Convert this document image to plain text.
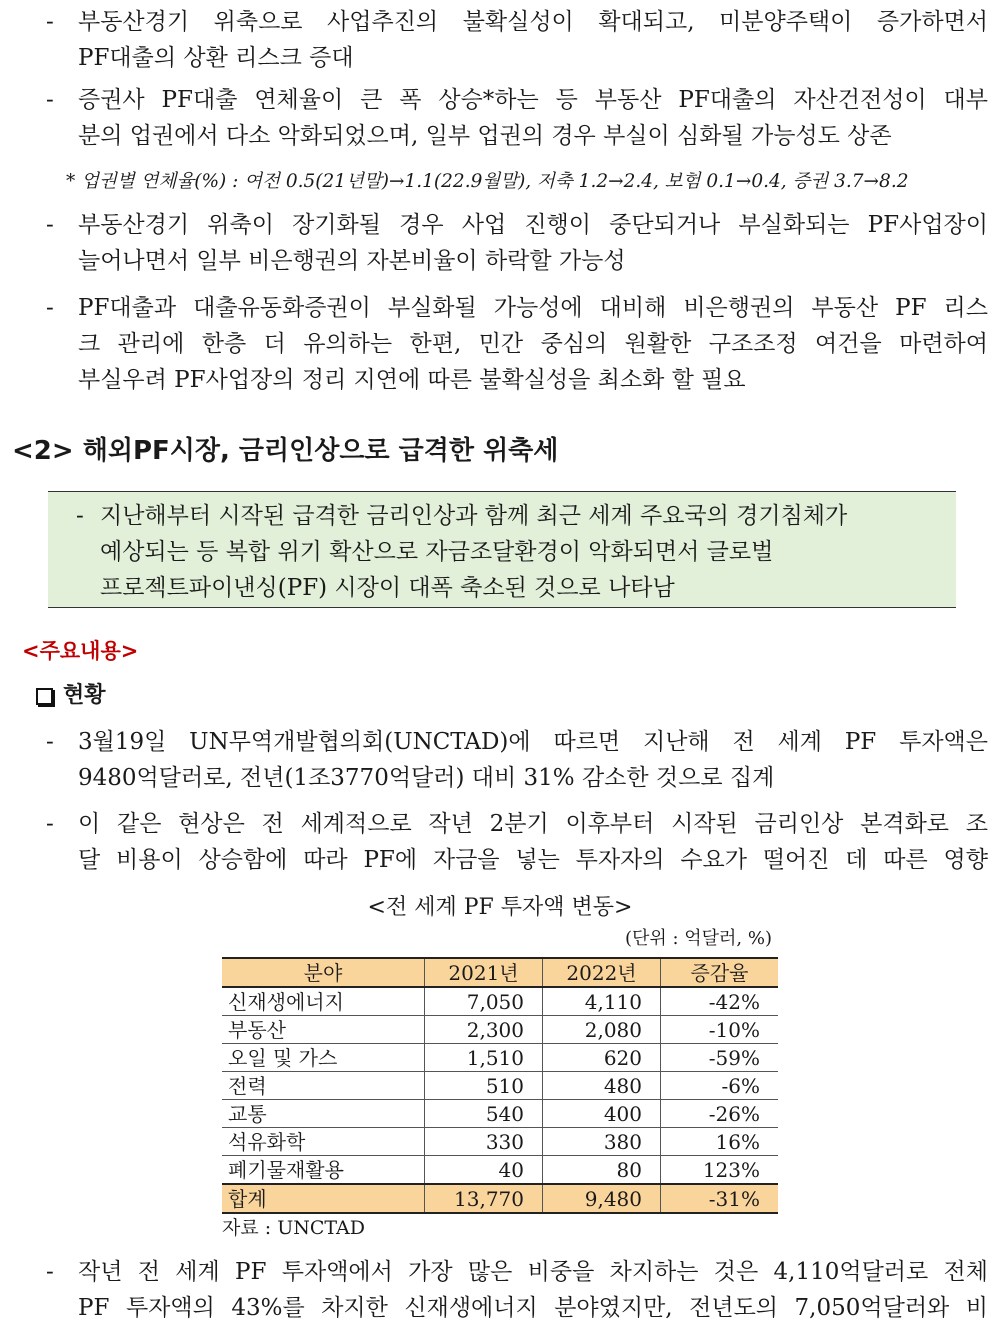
-	부동산경기 위축으로 사업추진의 불확실성이 확대되고, 미분양주택이 증가하면서
PF대출의 상환 리스크 증대
-	증권사 PF대출 연체율이 큰 폭 상승*하는 등 부동산 PF대출의 자산건전성이 대부
분의 업권에서 다소 악화되었으며, 일부 업권의 경우 부실이 심화될 가능성도 상존
* 업권별 연체율(%) : 여전 0.5(21년말)→1.1(22.9월말), 저축 1.2→2.4, 보험 0.1→0.4, 증권 3.7→8.2
-	부동산경기 위축이 장기화될 경우 사업 진행이 중단되거나 부실화되는 PF사업장이
늘어나면서 일부 비은행권의 자본비율이 하락할 가능성
-	PF대출과 대출유동화증권이 부실화될 가능성에 대비해 비은행권의 부동산 PF 리스
크 관리에 한층 더 유의하는 한편, 민간 중심의 원활한 구조조정 여건을 마련하여
부실우려 PF사업장의 정리 지연에 따른 불확실성을 최소화 할 필요
<2> 해외PF시장, 금리인상으로 급격한 위축세
- 지난해부터 시작된 급격한 금리인상과 함께 최근 세계 주요국의 경기침체가
예상되는 등 복합 위기 확산으로 자금조달환경이 악화되면서 글로벌
프로젝트파이낸싱(PF) 시장이 대폭 축소된 것으로 나타남
<주요내용>
현황
-	3월19일 UN무역개발협의회(UNCTAD)에 따르면 지난해 전 세계 PF 투자액은
9480억달러로, 전년(1조3770억달러) 대비 31% 감소한 것으로 집계
-	이 같은 현상은 전 세계적으로 작년 2분기 이후부터 시작된 금리인상 본격화로 조
달 비용이 상승함에 따라 PF에 자금을 넣는 투자자의 수요가 떨어진 데 따른 영향
<전 세계 PF 투자액 변동>
(단위 : 억달러, %)
분야	2021년	2022년	증감율
신재생에너지	7,050	4,110	-42%
부동산	2,300	2,080	-10%
오일 및 가스	1,510	620	-59%
전력	510	480	-6%
교통	540	400	-26%
석유화학	330	380	16%
폐기물재활용	40	80	123%
합계	13,770	9,480	-31%
자료 : UNCTAD
-	작년 전 세계 PF 투자액에서 가장 많은 비중을 차지하는 것은 4,110억달러로 전체
PF 투자액의 43%를 차지한 신재생에너지 분야였지만, 전년도의 7,050억달러와 비
